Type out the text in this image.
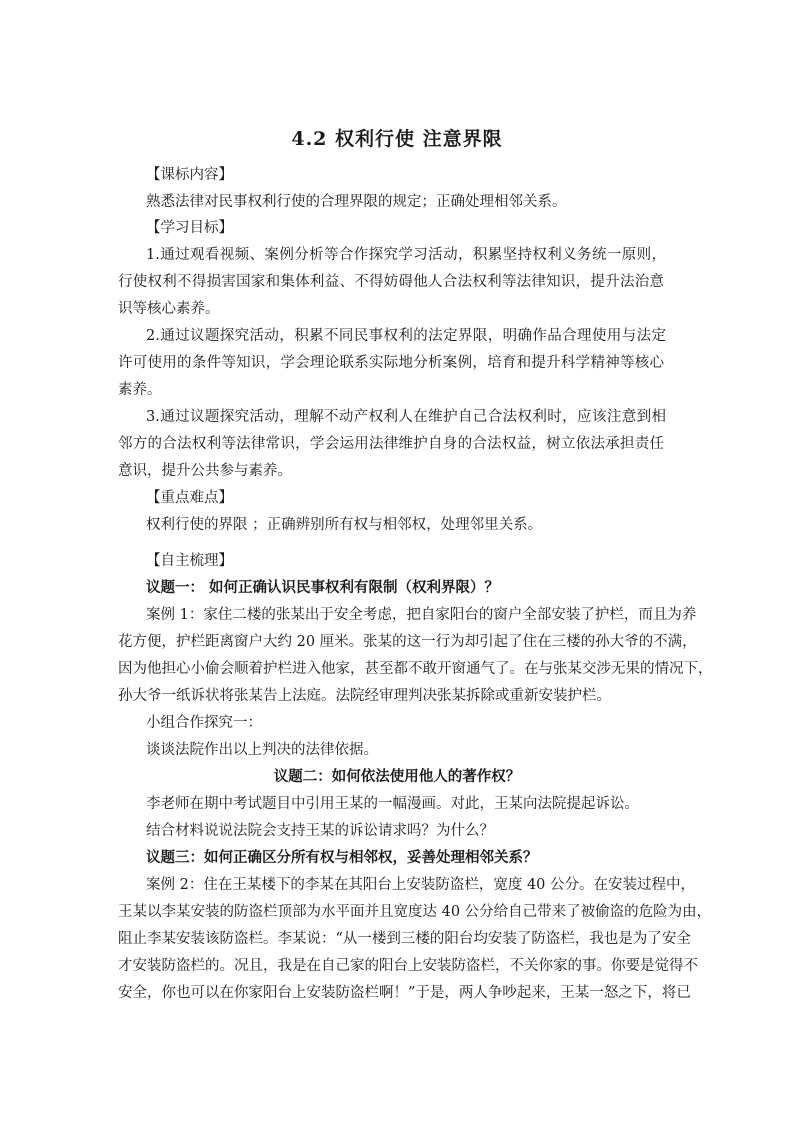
4.2 权利行使 注意界限
【课标内容】
熟悉法律对民事权利行使的合理界限的规定；正确处理相邻关系。
【学习目标】
1.通过观看视频、案例分析等合作探究学习活动，积累坚持权利义务统一原则，
行使权利不得损害国家和集体利益、不得妨碍他人合法权利等法律知识，提升法治意
识等核心素养。
2.通过议题探究活动，积累不同民事权利的法定界限，明确作品合理使用与法定
许可使用的条件等知识，学会理论联系实际地分析案例，培育和提升科学精神等核心
素养。
3.通过议题探究活动，理解不动产权利人在维护自己合法权利时，应该注意到相
邻方的合法权利等法律常识，学会运用法律维护自身的合法权益，树立依法承担责任
意识，提升公共参与素养。
【重点难点】
权利行使的界限 ；正确辨别所有权与相邻权，处理邻里关系。
【自主梳理】
议题一： 如何正确认识民事权利有限制（权利界限）？
案例 1：家住二楼的张某出于安全考虑，把自家阳台的窗户全部安装了护栏，而且为养
花方便，护栏距离窗户大约 20 厘米。张某的这一行为却引起了住在三楼的孙大爷的不满，
因为他担心小偷会顺着护栏进入他家，甚至都不敢开窗通气了。在与张某交涉无果的情况下，
孙大爷一纸诉状将张某告上法庭。法院经审理判决张某拆除或重新安装护栏。
小组合作探究一：
谈谈法院作出以上判决的法律依据。
议题二：如何依法使用他人的著作权？
李老师在期中考试题目中引用王某的一幅漫画。对此，王某向法院提起诉讼。
结合材料说说法院会支持王某的诉讼请求吗？为什么？
议题三：如何正确区分所有权与相邻权，妥善处理相邻关系？
案例 2：住在王某楼下的李某在其阳台上安装防盗栏，宽度 40 公分。在安装过程中，
王某以李某安装的防盗栏顶部为水平面并且宽度达 40 公分给自己带来了被偷盗的危险为由，
阻止李某安装该防盗栏。李某说：“从一楼到三楼的阳台均安装了防盗栏，我也是为了安全
才安装防盗栏的。况且，我是在自己家的阳台上安装防盗栏，不关你家的事。你要是觉得不
安全，你也可以在你家阳台上安装防盗栏啊！”于是，两人争吵起来，王某一怒之下，将已
